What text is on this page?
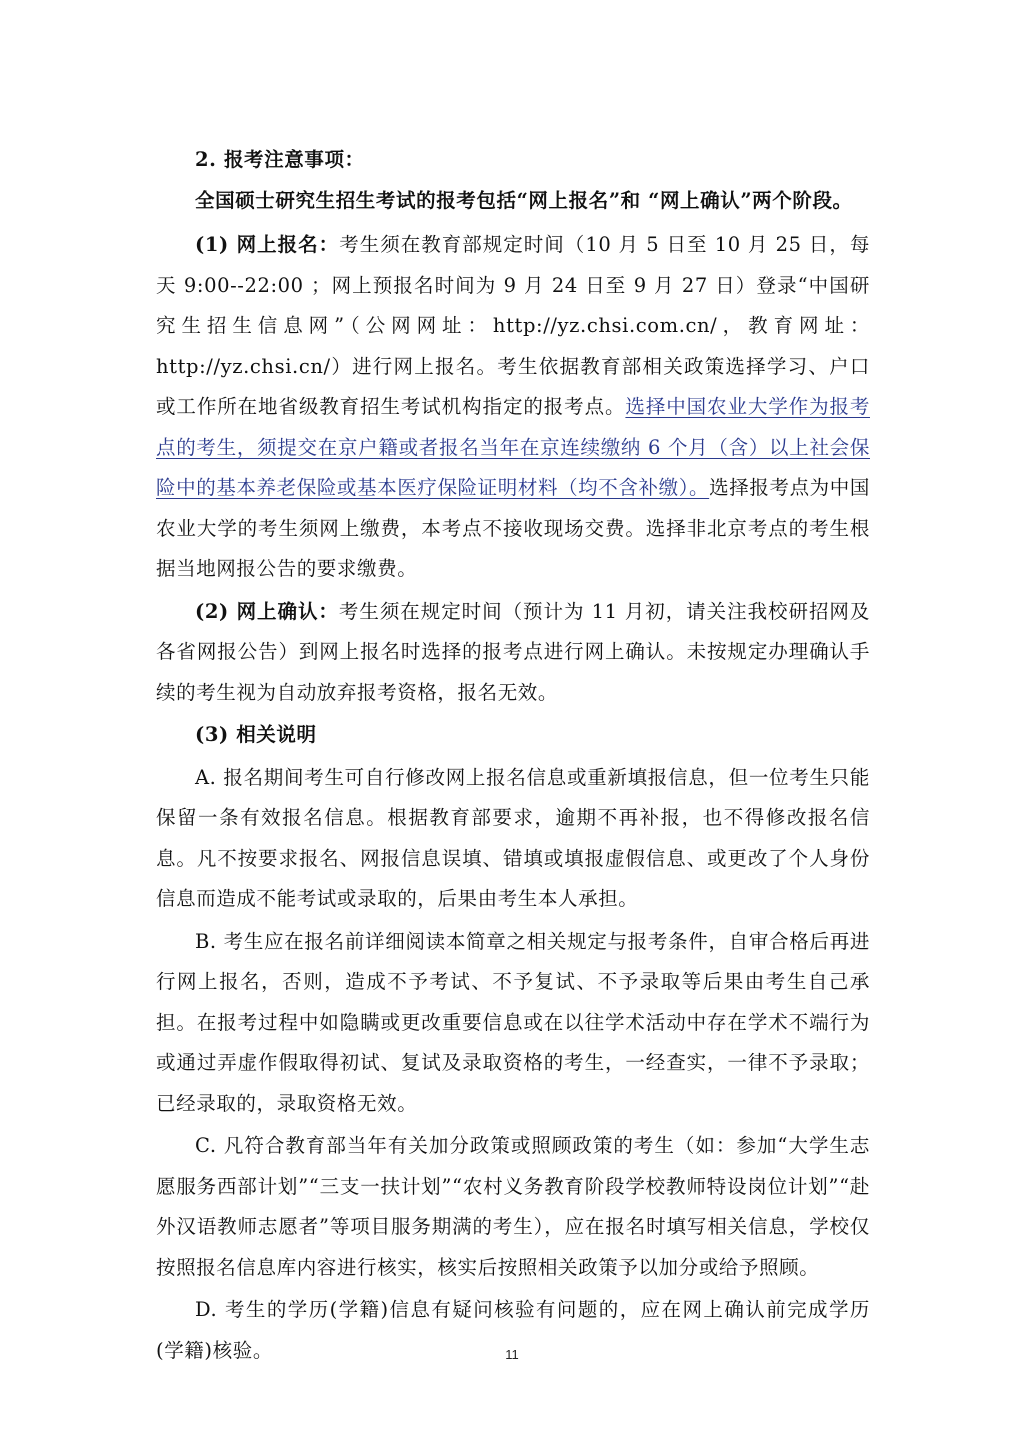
2. 报考注意事项：

全国硕士研究生招生考试的报考包括“网上报名”和 “网上确认”两个阶段。

(1) 网上报名：考生须在教育部规定时间（10 月 5 日至 10 月 25 日，每天 9:00--22:00 ；网上预报名时间为 9 月 24 日至 9 月 27 日）登录“中国研究生招生信息网”（公网网址：http://yz.chsi.com.cn/，教育网址：http://yz.chsi.cn/）进行网上报名。考生依据教育部相关政策选择学习、户口或工作所在地省级教育招生考试机构指定的报考点。选择中国农业大学作为报考点的考生，须提交在京户籍或者报名当年在京连续缴纳 6 个月（含）以上社会保险中的基本养老保险或基本医疗保险证明材料（均不含补缴）。选择报考点为中国农业大学的考生须网上缴费，本考点不接收现场交费。选择非北京考点的考生根据当地网报公告的要求缴费。

(2) 网上确认：考生须在规定时间（预计为 11 月初，请关注我校研招网及各省网报公告）到网上报名时选择的报考点进行网上确认。未按规定办理确认手续的考生视为自动放弃报考资格，报名无效。

(3) 相关说明

A. 报名期间考生可自行修改网上报名信息或重新填报信息，但一位考生只能保留一条有效报名信息。根据教育部要求，逾期不再补报，也不得修改报名信息。凡不按要求报名、网报信息误填、错填或填报虚假信息、或更改了个人身份信息而造成不能考试或录取的，后果由考生本人承担。

B. 考生应在报名前详细阅读本简章之相关规定与报考条件，自审合格后再进行网上报名，否则，造成不予考试、不予复试、不予录取等后果由考生自己承担。在报考过程中如隐瞒或更改重要信息或在以往学术活动中存在学术不端行为或通过弄虚作假取得初试、复试及录取资格的考生，一经查实，一律不予录取；已经录取的，录取资格无效。

C. 凡符合教育部当年有关加分政策或照顾政策的考生（如：参加“大学生志愿服务西部计划”“三支一扶计划”“农村义务教育阶段学校教师特设岗位计划”“赴外汉语教师志愿者”等项目服务期满的考生），应在报名时填写相关信息，学校仅按照报名信息库内容进行核实，核实后按照相关政策予以加分或给予照顾。

D. 考生的学历(学籍)信息有疑问核验有问题的，应在网上确认前完成学历(学籍)核验。	11
